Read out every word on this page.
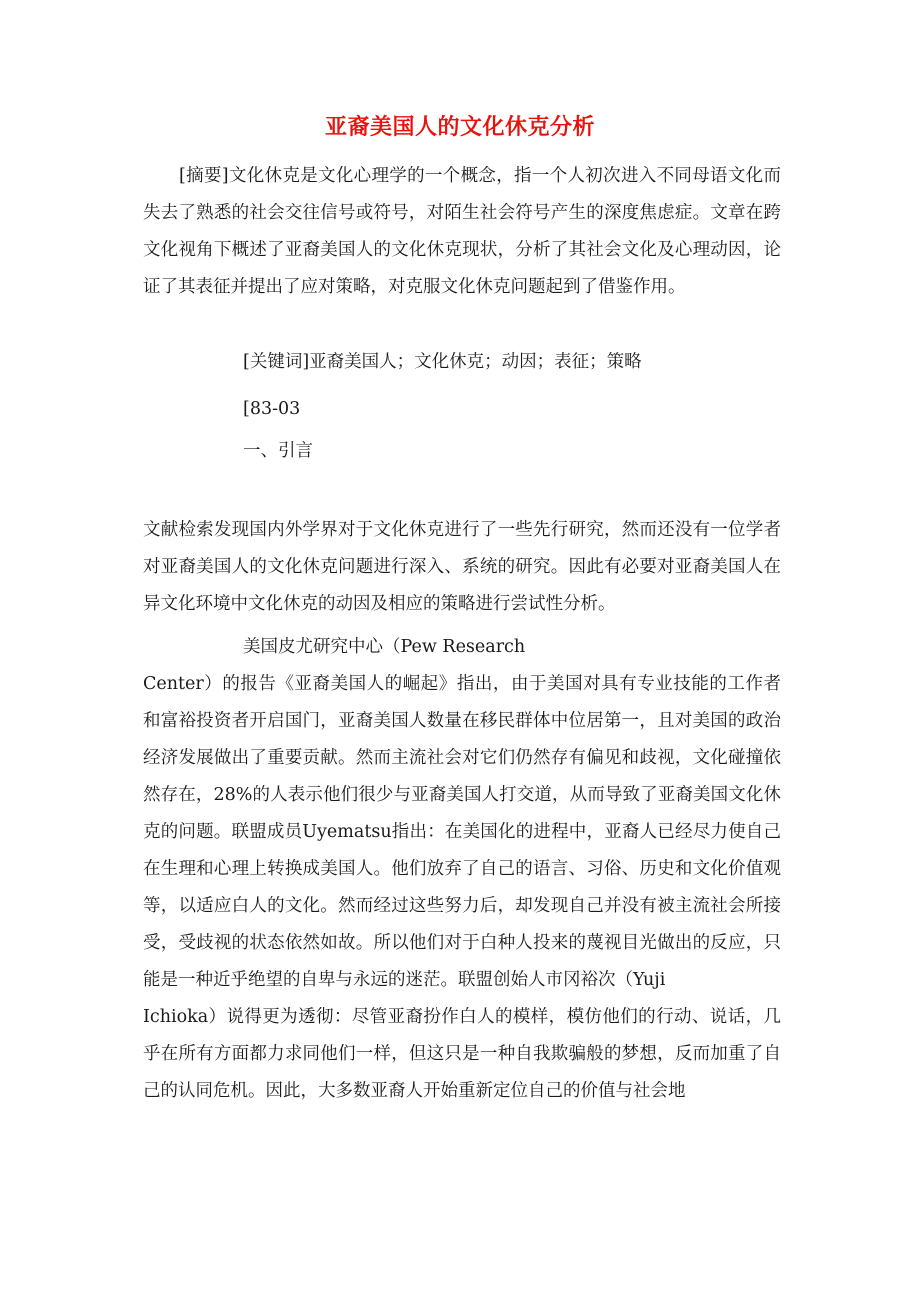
亚裔美国人的文化休克分析
[摘要]文化休克是文化心理学的一个概念，指一个人初次进入不同母语文化而失去了熟悉的社会交往信号或符号，对陌生社会符号产生的深度焦虑症。文章在跨文化视角下概述了亚裔美国人的文化休克现状，分析了其社会文化及心理动因，论证了其表征并提出了应对策略，对克服文化休克问题起到了借鉴作用。
[关键词]亚裔美国人；文化休克；动因；表征；策略
[83-03
一、引言
文献检索发现国内外学界对于文化休克进行了一些先行研究，然而还没有一位学者对亚裔美国人的文化休克问题进行深入、系统的研究。因此有必要对亚裔美国人在异文化环境中文化休克的动因及相应的策略进行尝试性分析。
美国皮尤研究中心（Pew Research
Center）的报告《亚裔美国人的崛起》指出，由于美国对具有专业技能的工作者和富裕投资者开启国门，亚裔美国人数量在移民群体中位居第一，且对美国的政治经济发展做出了重要贡献。然而主流社会对它们仍然存有偏见和歧视，文化碰撞依然存在，28%的人表示他们很少与亚裔美国人打交道，从而导致了亚裔美国文化休克的问题。联盟成员Uyematsu指出：在美国化的进程中，亚裔人已经尽力使自己在生理和心理上转换成美国人。他们放弃了自己的语言、习俗、历史和文化价值观等，以适应白人的文化。然而经过这些努力后，却发现自己并没有被主流社会所接受，受歧视的状态依然如故。所以他们对于白种人投来的蔑视目光做出的反应，只能是一种近乎绝望的自卑与永远的迷茫。联盟创始人市冈裕次（Yuji
Ichioka）说得更为透彻：尽管亚裔扮作白人的模样，模仿他们的行动、说话，几乎在所有方面都力求同他们一样，但这只是一种自我欺骗般的梦想，反而加重了自己的认同危机。因此，大多数亚裔人开始重新定位自己的价值与社会地
